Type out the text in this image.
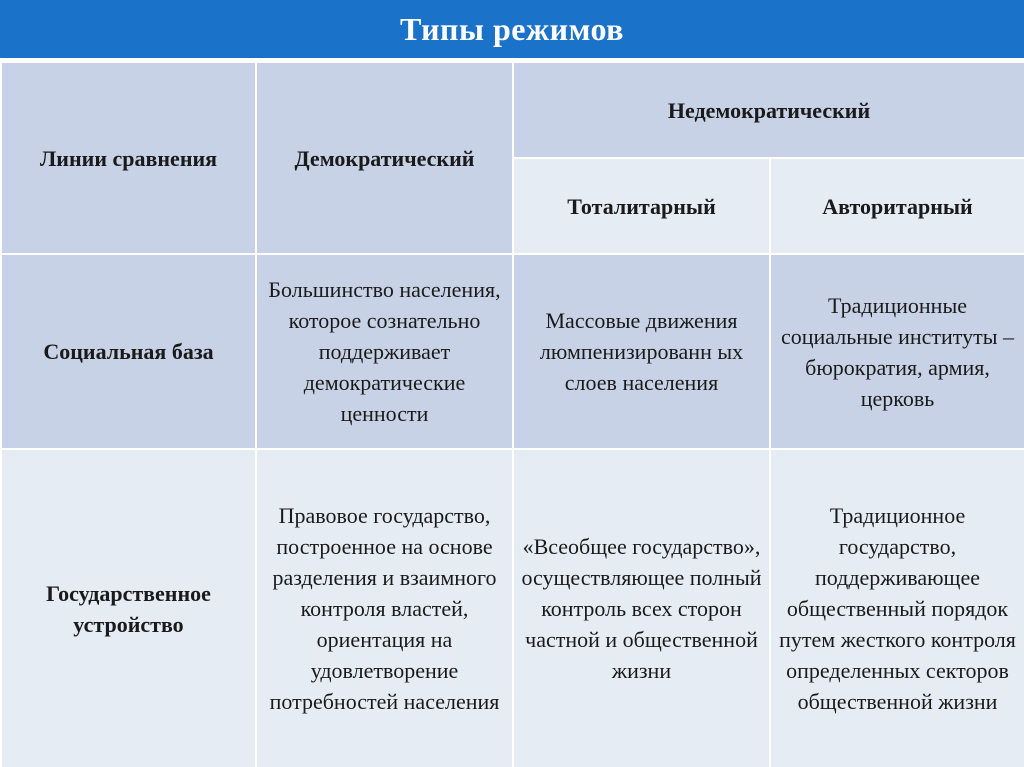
Типы режимов
Линии сравнения	Демократический	Недемократический	
		Тоталитарный	Авторитарный
Социальная база	Большинство населения, которое сознательно поддерживает демократические ценности	Массовые движения люмпенизированн ых слоев населения	Традиционные социальные институты – бюрократия, армия, церковь
Государственное устройство	Правовое государство, построенное на основе разделения и взаимного контроля властей, ориентация на удовлетворение потребностей населения	«Всеобщее государство», осуществляющее полный контроль всех сторон частной и общественной жизни	Традиционное государство, поддерживающее общественный порядок путем жесткого контроля определенных секторов общественной жизни
